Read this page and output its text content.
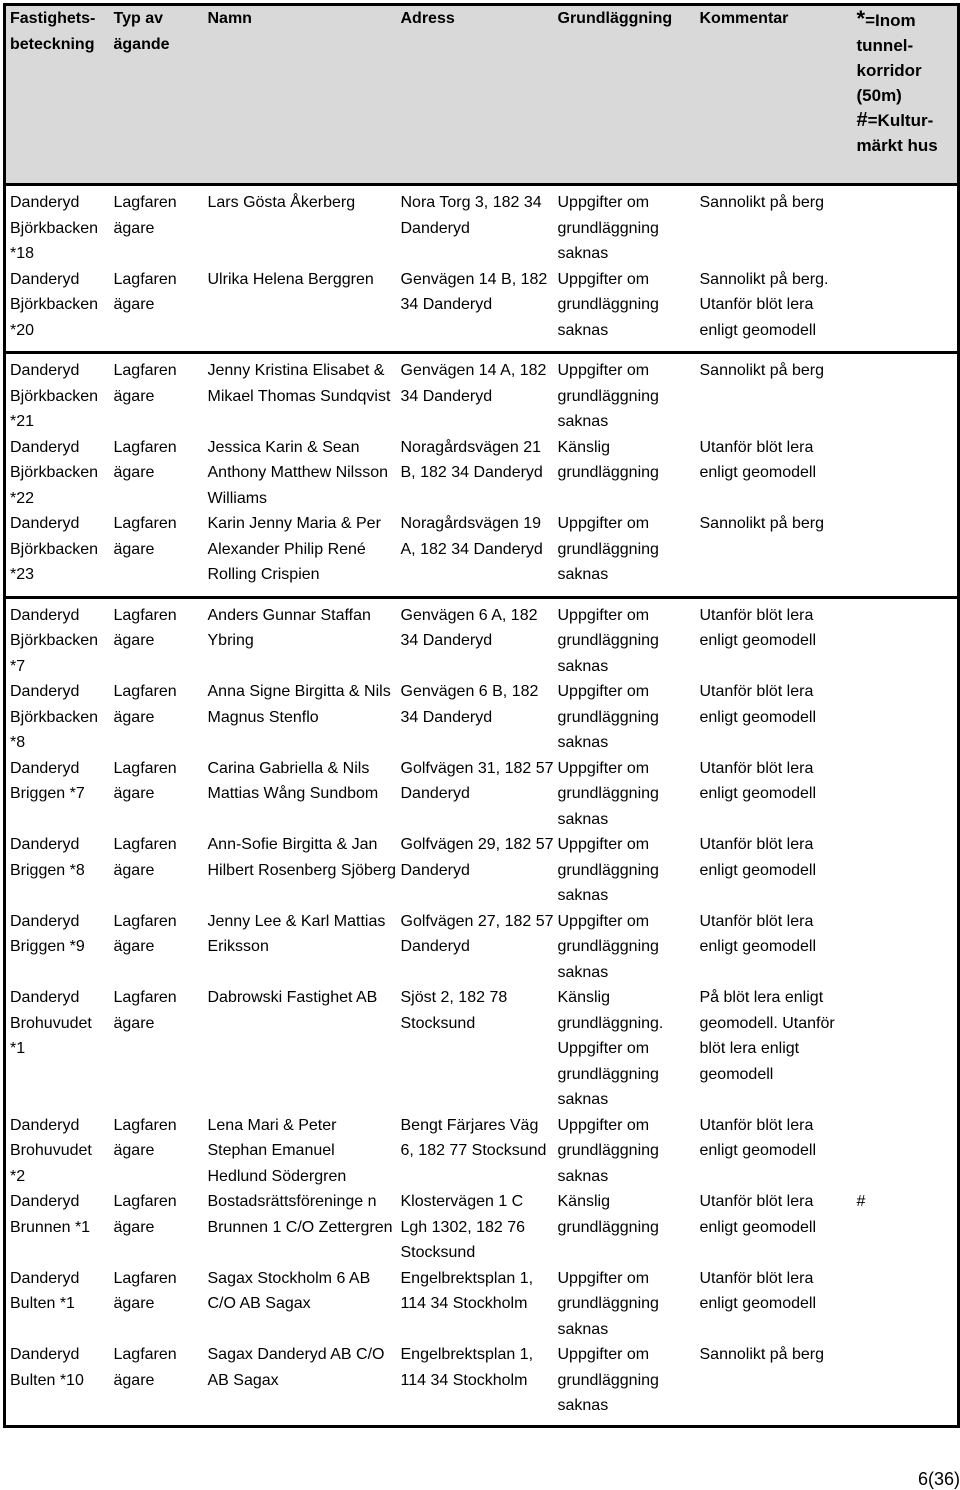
Fastighets-beteckning	Typ av ägande	Namn	Adress	Grundläggning	Kommentar	*=Inom tunnel-korridor (50m)
#=Kultur-märkt hus

Danderyd Björkbacken *18	Lagfaren ägare	Lars Gösta Åkerberg	Nora Torg 3, 182 34 Danderyd	Uppgifter om grundläggning saknas	Sannolikt på berg	
Danderyd Björkbacken *20	Lagfaren ägare	Ulrika Helena Berggren	Genvägen 14 B, 182 34 Danderyd	Uppgifter om grundläggning saknas	Sannolikt på berg. Utanför blöt lera enligt geomodell	
Danderyd Björkbacken *21	Lagfaren ägare	Jenny Kristina Elisabet & Mikael Thomas Sundqvist	Genvägen 14 A, 182 34 Danderyd	Uppgifter om grundläggning saknas	Sannolikt på berg	
Danderyd Björkbacken *22	Lagfaren ägare	Jessica Karin & Sean Anthony Matthew Nilsson Williams	Noragårdsvägen 21 B, 182 34 Danderyd	Känslig grundläggning	Utanför blöt lera enligt geomodell	
Danderyd Björkbacken *23	Lagfaren ägare	Karin Jenny Maria & Per Alexander Philip René Rolling Crispien	Noragårdsvägen 19 A, 182 34 Danderyd	Uppgifter om grundläggning saknas	Sannolikt på berg	
Danderyd Björkbacken *7	Lagfaren ägare	Anders Gunnar Staffan Ybring	Genvägen 6 A, 182 34 Danderyd	Uppgifter om grundläggning saknas	Utanför blöt lera enligt geomodell	
Danderyd Björkbacken *8	Lagfaren ägare	Anna Signe Birgitta & Nils Magnus Stenflo	Genvägen 6 B, 182 34 Danderyd	Uppgifter om grundläggning saknas	Utanför blöt lera enligt geomodell	
Danderyd Briggen *7	Lagfaren ägare	Carina Gabriella & Nils Mattias Wång Sundbom	Golfvägen 31, 182 57 Danderyd	Uppgifter om grundläggning saknas	Utanför blöt lera enligt geomodell	
Danderyd Briggen *8	Lagfaren ägare	Ann-Sofie Birgitta & Jan Hilbert Rosenberg Sjöberg	Golfvägen 29, 182 57 Danderyd	Uppgifter om grundläggning saknas	Utanför blöt lera enligt geomodell	
Danderyd Briggen *9	Lagfaren ägare	Jenny Lee & Karl Mattias Eriksson	Golfvägen 27, 182 57 Danderyd	Uppgifter om grundläggning saknas	Utanför blöt lera enligt geomodell	
Danderyd Brohuvudet *1	Lagfaren ägare	Dabrowski Fastighet AB	Sjöst 2, 182 78 Stocksund	Känslig grundläggning. Uppgifter om grundläggning saknas	På blöt lera enligt geomodell. Utanför blöt lera enligt geomodell	
Danderyd Brohuvudet *2	Lagfaren ägare	Lena Mari & Peter Stephan Emanuel Hedlund Södergren	Bengt Färjares Väg 6, 182 77 Stocksund	Uppgifter om grundläggning saknas	Utanför blöt lera enligt geomodell	
Danderyd Brunnen *1	Lagfaren ägare	Bostadsrättsföreninge n Brunnen 1 C/O Zettergren	Klostervägen 1 C Lgh 1302, 182 76 Stocksund	Känslig grundläggning	Utanför blöt lera enligt geomodell	#
Danderyd Bulten *1	Lagfaren ägare	Sagax Stockholm 6 AB C/O AB Sagax	Engelbrektsplan 1, 114 34 Stockholm	Uppgifter om grundläggning saknas	Utanför blöt lera enligt geomodell	
Danderyd Bulten *10	Lagfaren ägare	Sagax Danderyd AB C/O AB Sagax	Engelbrektsplan 1, 114 34 Stockholm	Uppgifter om grundläggning saknas	Sannolikt på berg	
6(36)
